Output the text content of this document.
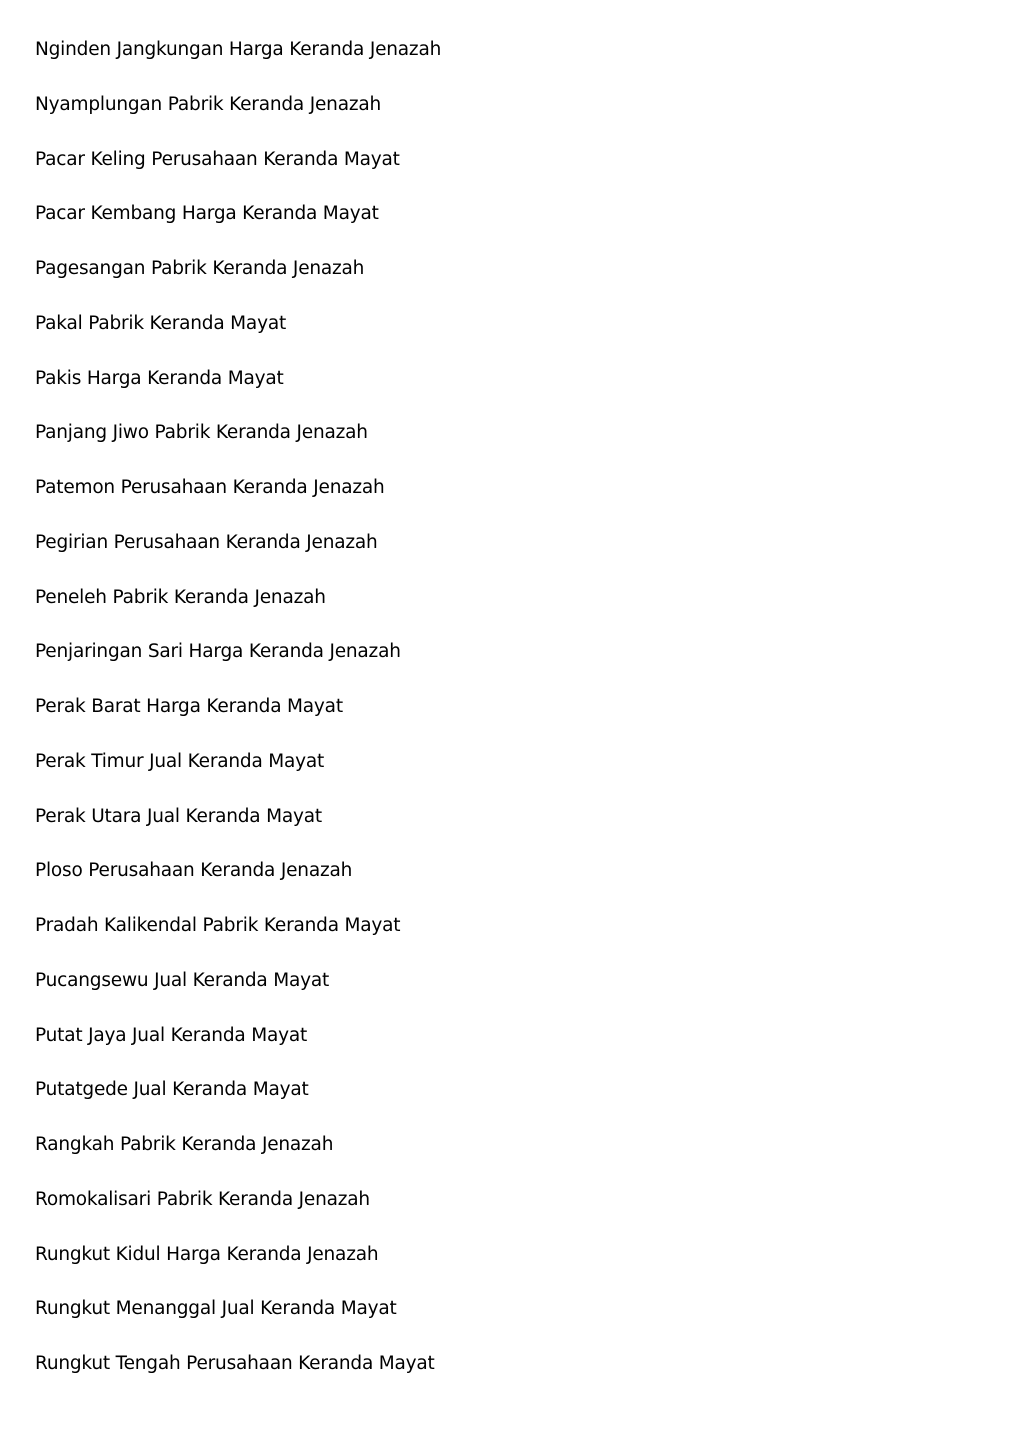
Nginden Jangkungan Harga Keranda Jenazah
Nyamplungan Pabrik Keranda Jenazah
Pacar Keling Perusahaan Keranda Mayat
Pacar Kembang Harga Keranda Mayat
Pagesangan Pabrik Keranda Jenazah
Pakal Pabrik Keranda Mayat
Pakis Harga Keranda Mayat
Panjang Jiwo Pabrik Keranda Jenazah
Patemon Perusahaan Keranda Jenazah
Pegirian Perusahaan Keranda Jenazah
Peneleh Pabrik Keranda Jenazah
Penjaringan Sari Harga Keranda Jenazah
Perak Barat Harga Keranda Mayat
Perak Timur Jual Keranda Mayat
Perak Utara Jual Keranda Mayat
Ploso Perusahaan Keranda Jenazah
Pradah Kalikendal Pabrik Keranda Mayat
Pucangsewu Jual Keranda Mayat
Putat Jaya Jual Keranda Mayat
Putatgede Jual Keranda Mayat
Rangkah Pabrik Keranda Jenazah
Romokalisari Pabrik Keranda Jenazah
Rungkut Kidul Harga Keranda Jenazah
Rungkut Menanggal Jual Keranda Mayat
Rungkut Tengah Perusahaan Keranda Mayat
